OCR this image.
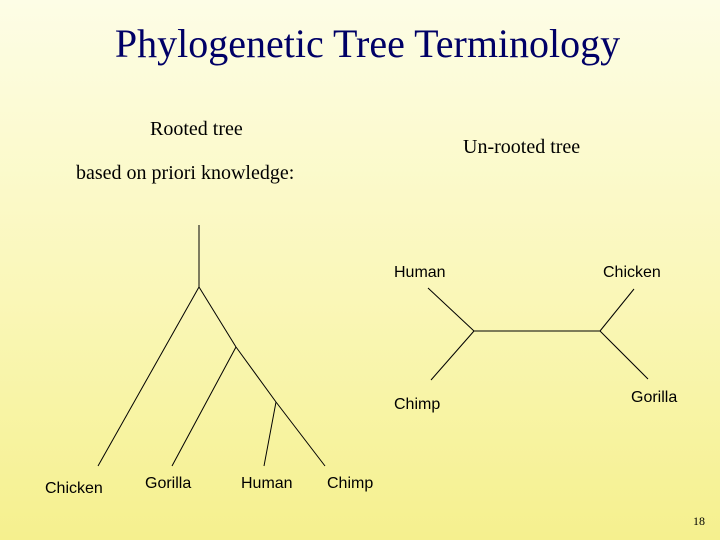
Phylogenetic Tree Terminology
Rooted tree
based on priori knowledge:
Un-rooted tree
Chicken	Gorilla	Human Chimp
Human	Chicken
Chimp	Gorilla
18
